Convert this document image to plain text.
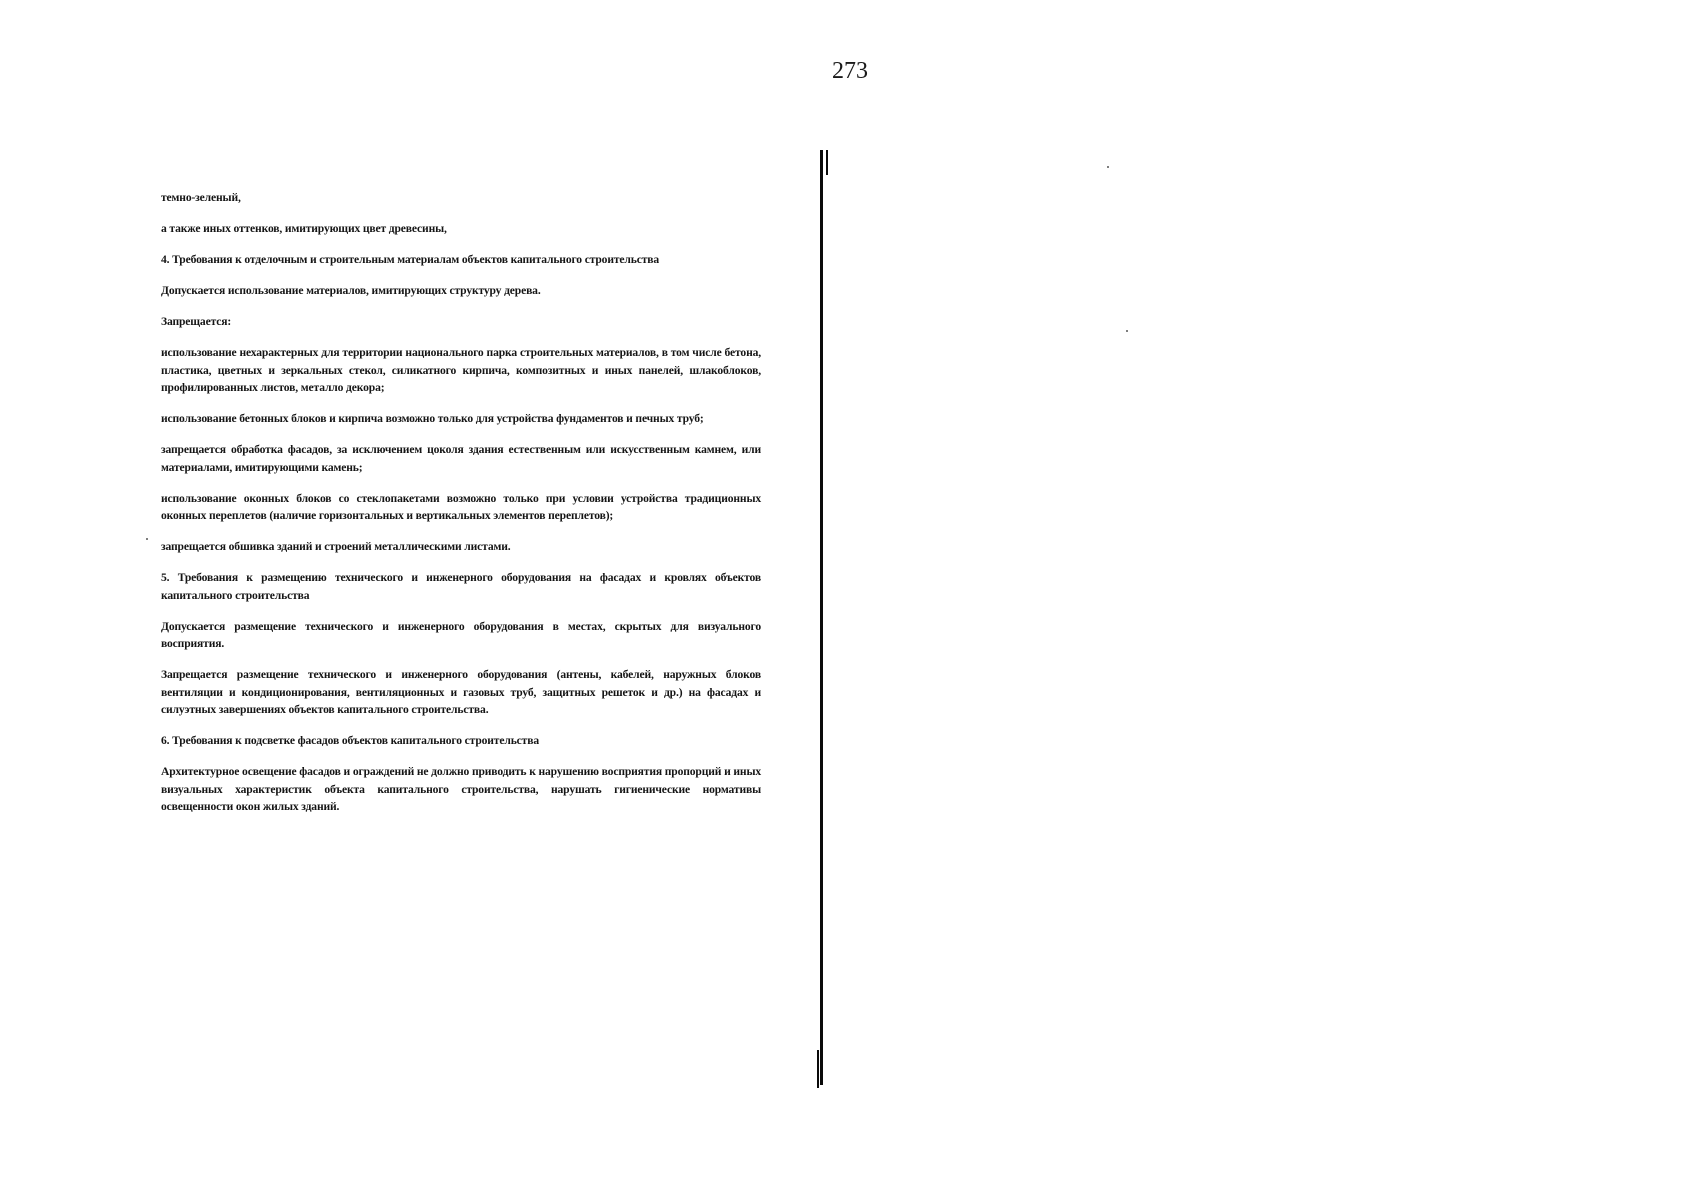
273

темно-зеленый,

а также иных оттенков, имитирующих цвет древесины,

4. Требования к отделочным и строительным материалам объектов капитального строительства

Допускается использование материалов, имитирующих структуру дерева.

Запрещается:

использование нехарактерных для территории национального парка строительных материалов, в том числе бетона, пластика, цветных и зеркальных стекол, силикатного кирпича, композитных и иных панелей, шлакоблоков, профилированных листов, металло декора;

использование бетонных блоков и кирпича возможно только для устройства фундаментов и печных труб;

запрещается обработка фасадов, за исключением цоколя здания естественным или искусственным камнем, или материалами, имитирующими камень;

использование оконных блоков со стеклопакетами возможно только при условии устройства традиционных оконных переплетов (наличие горизонтальных и вертикальных элементов переплетов);

запрещается обшивка зданий и строений металлическими листами.

5. Требования к размещению технического и инженерного оборудования на фасадах и кровлях объектов капитального строительства

Допускается размещение технического и инженерного оборудования в местах, скрытых для визуального восприятия.

Запрещается размещение технического и инженерного оборудования (антены, кабелей, наружных блоков вентиляции и кондиционирования, вентиляционных и газовых труб, защитных решеток и др.) на фасадах и силуэтных завершениях объектов капитального строительства.

6. Требования к подсветке фасадов объектов капитального строительства

Архитектурное освещение фасадов и ограждений не должно приводить к нарушению восприятия пропорций и иных визуальных характеристик объекта капитального строительства, нарушать гигиенические нормативы освещенности окон жилых зданий.
